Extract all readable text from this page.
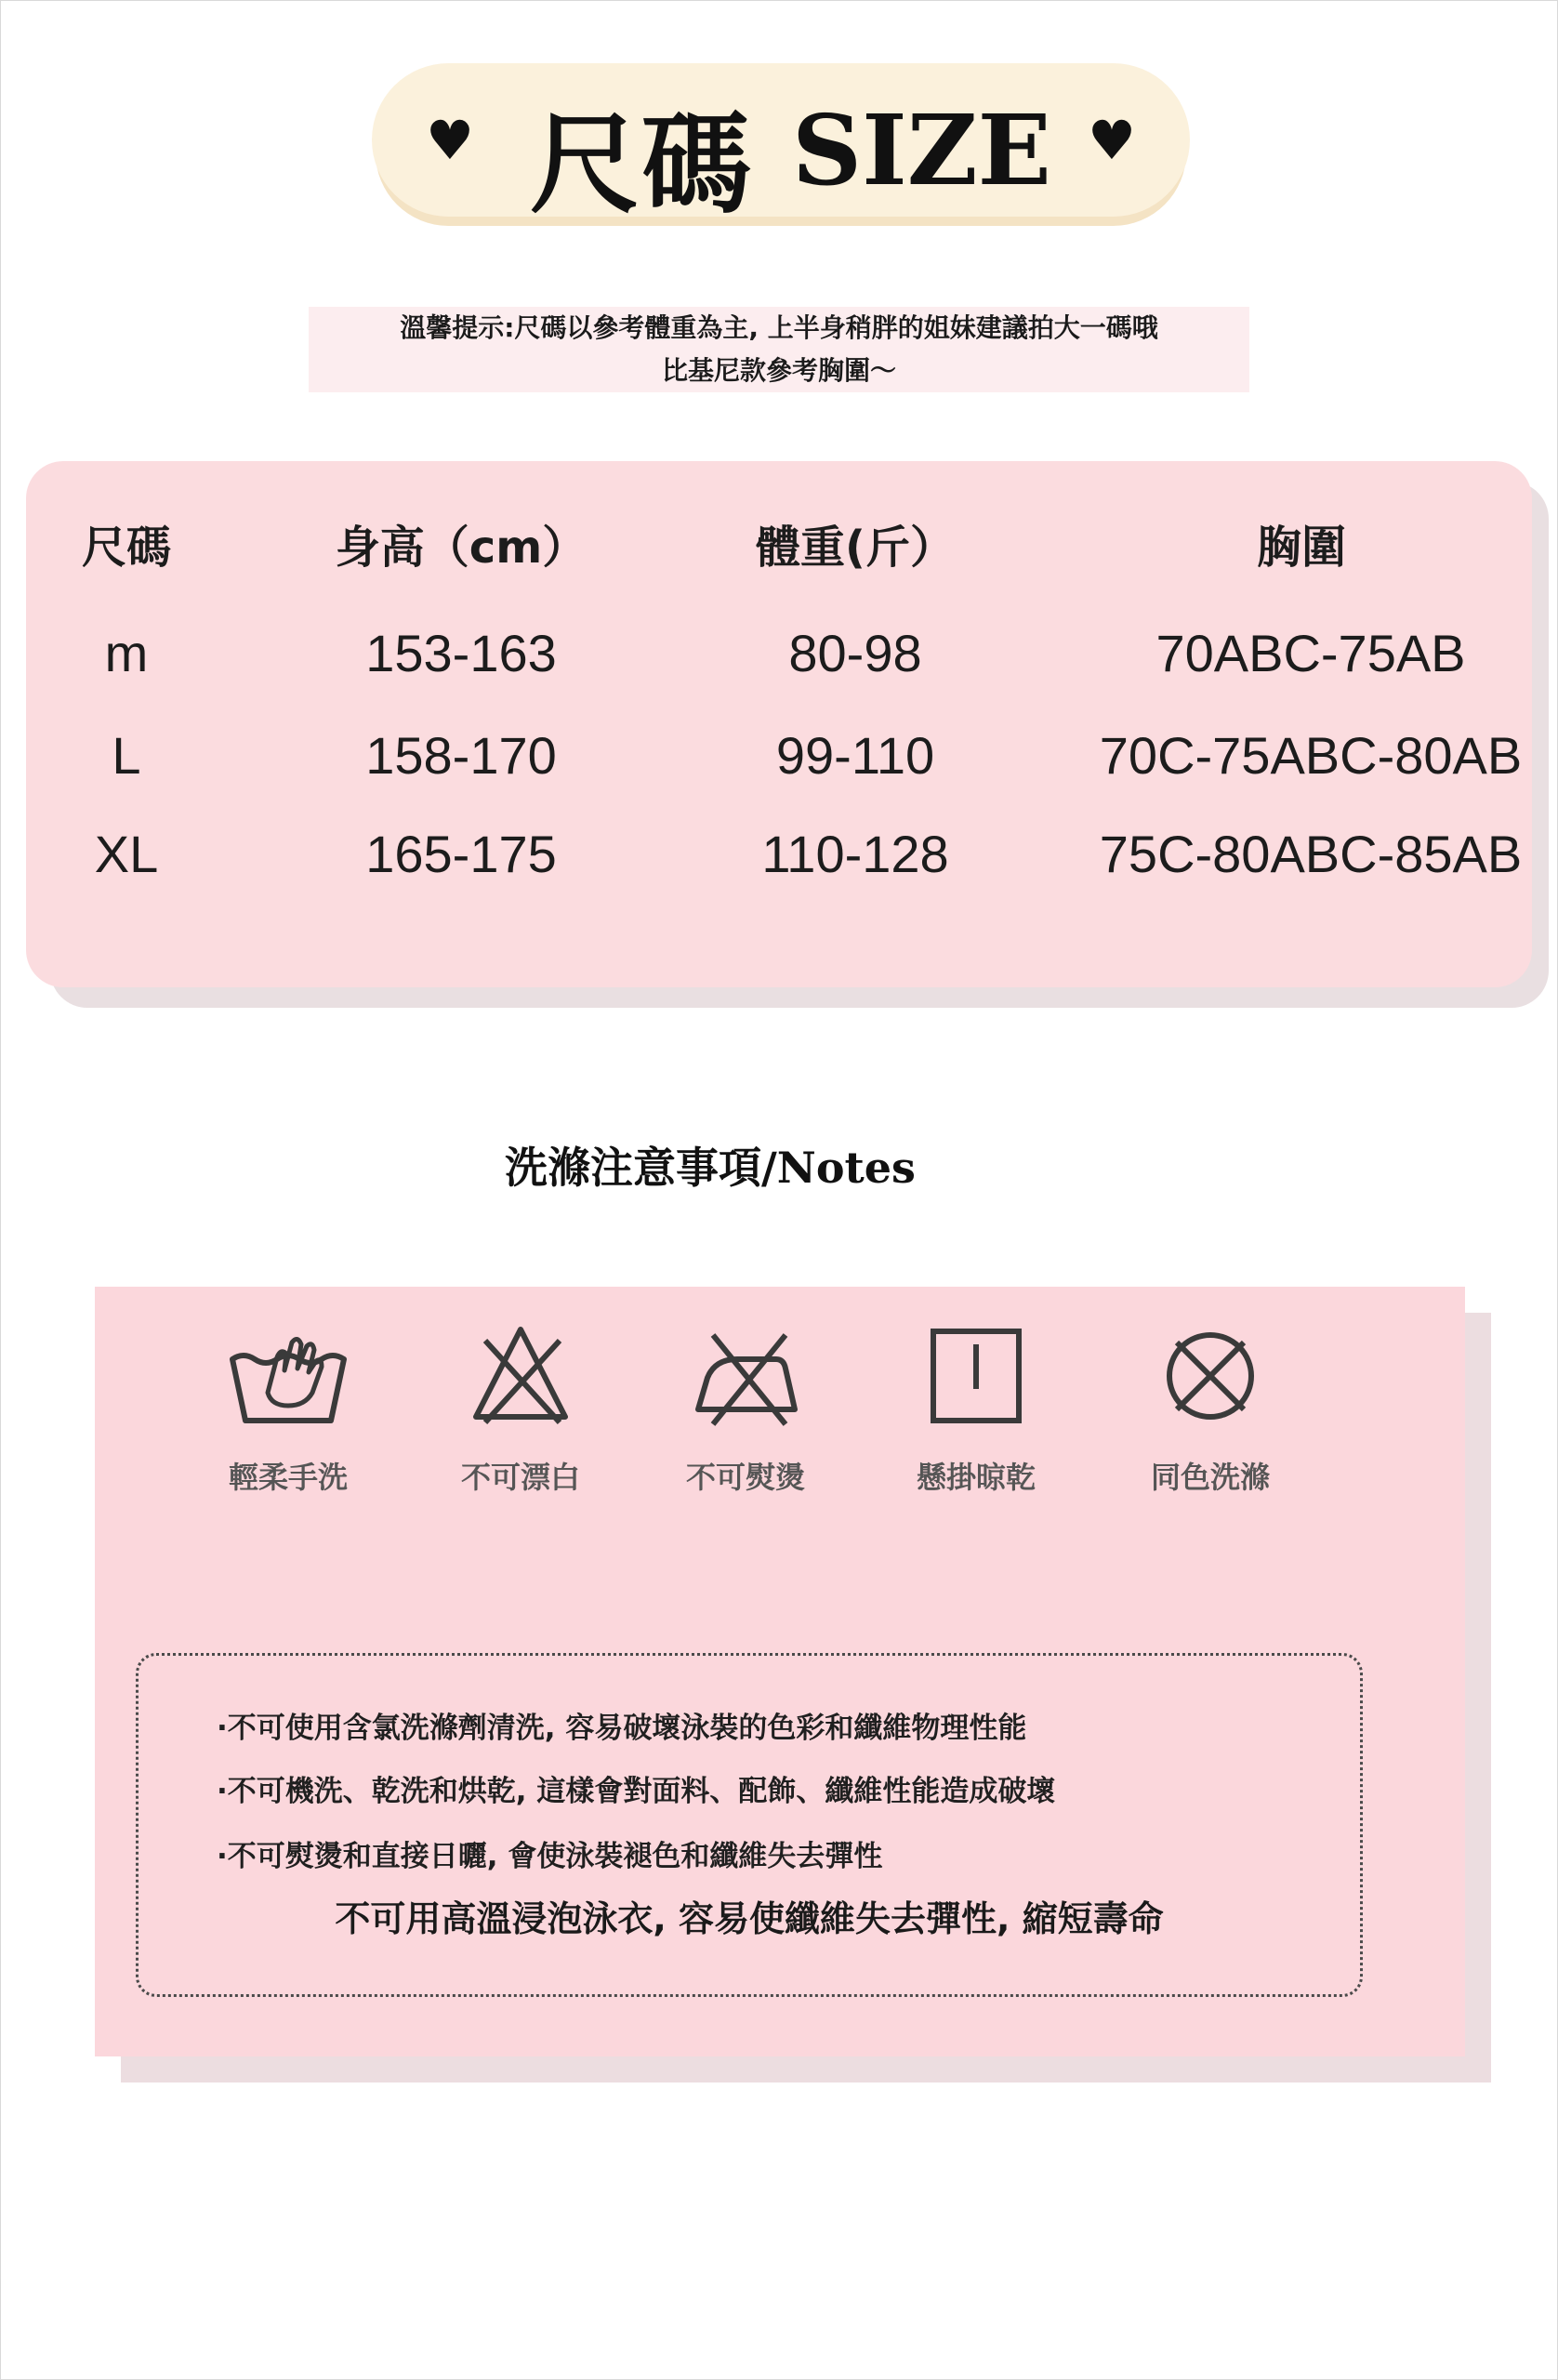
♥ 尺碼 SIZE ♥
溫馨提示:尺碼以參考體重為主, 上半身稍胖的姐妹建議拍大一碼哦
比基尼款參考胸圍～
尺碼	身高（cm）	體重(斤）	胸圍
m	153-163	80-98	70ABC-75AB
L	158-170	99-110	70C-75ABC-80AB
XL	165-175	110-128	75C-80ABC-85AB
洗滌注意事項/Notes
輕柔手洗	不可漂白	不可熨燙	懸掛晾乾	同色洗滌
·不可使用含氯洗滌劑清洗, 容易破壞泳裝的色彩和纖維物理性能
·不可機洗、乾洗和烘乾, 這樣會對面料、配飾、纖維性能造成破壞
·不可熨燙和直接日曬, 會使泳裝褪色和纖維失去彈性
不可用高溫浸泡泳衣, 容易使纖維失去彈性, 縮短壽命
